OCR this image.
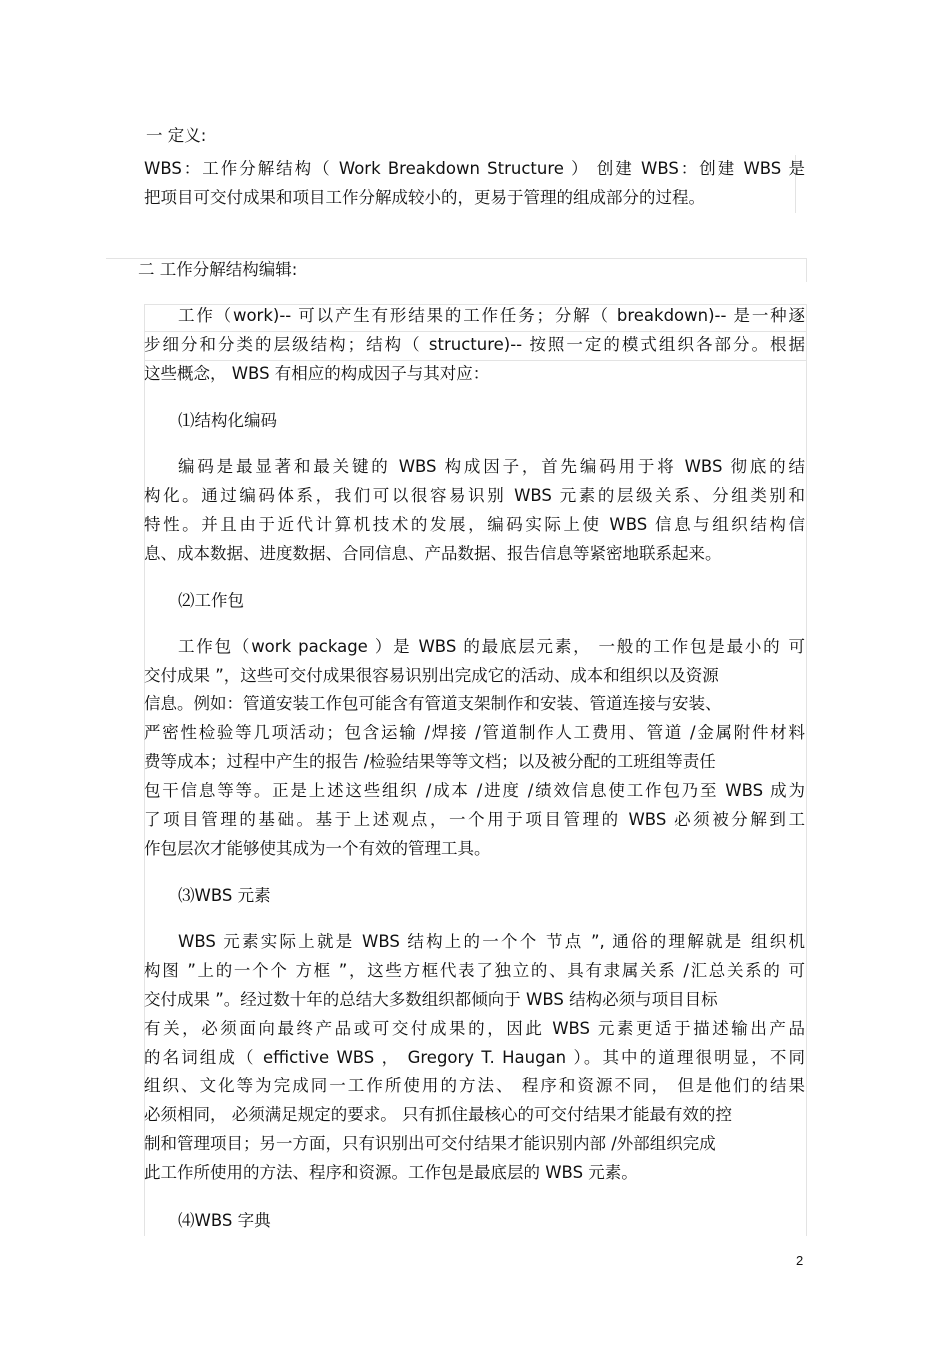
一 定义:
WBS：工作分解结构（ Work Breakdown Structure ） 创建 WBS：创建 WBS 是
把项目可交付成果和项目工作分解成较小的，更易于管理的组成部分的过程。
二 工作分解结构编辑:
工作（work)-- 可以产生有形结果的工作任务；分解（ breakdown)-- 是一种逐
步细分和分类的层级结构；结构（ structure)-- 按照一定的模式组织各部分。根据
这些概念， WBS 有相应的构成因子与其对应：
⑴结构化编码
编码是最显著和最关键的 WBS 构成因子，首先编码用于将 WBS 彻底的结
构化。通过编码体系，我们可以很容易识别 WBS 元素的层级关系、分组类别和
特性。并且由于近代计算机技术的发展，编码实际上使 WBS 信息与组织结构信
息、成本数据、进度数据、合同信息、产品数据、报告信息等紧密地联系起来。
⑵工作包
工作包（work package ）是 WBS 的最底层元素， 一般的工作包是最小的 可
交付成果 ”，这些可交付成果很容易识别出完成它的活动、成本和组织以及资源
信息。例如：管道安装工作包可能含有管道支架制作和安装、管道连接与安装、
严密性检验等几项活动；包含运输 /焊接 /管道制作人工费用、管道 /金属附件材料
费等成本；过程中产生的报告 /检验结果等等文档；以及被分配的工班组等责任
包干信息等等。正是上述这些组织 /成本 /进度 /绩效信息使工作包乃至 WBS 成为
了项目管理的基础。基于上述观点，一个用于项目管理的 WBS 必须被分解到工
作包层次才能够使其成为一个有效的管理工具。
⑶WBS 元素
WBS 元素实际上就是 WBS 结构上的一个个 节点 ”, 通俗的理解就是 组织机
构图 ”上的一个个 方框 ”，这些方框代表了独立的、具有隶属关系 /汇总关系的 可
交付成果 ”。经过数十年的总结大多数组织都倾向于 WBS 结构必须与项目目标
有关，必须面向最终产品或可交付成果的，因此 WBS 元素更适于描述输出产品
的名词组成（ effictive WBS ， Gregory T. Haugan ）。其中的道理很明显，不同
组织、文化等为完成同一工作所使用的方法、 程序和资源不同， 但是他们的结果
必须相同， 必须满足规定的要求。 只有抓住最核心的可交付结果才能最有效的控
制和管理项目；另一方面，只有识别出可交付结果才能识别内部 /外部组织完成
此工作所使用的方法、程序和资源。工作包是最底层的 WBS 元素。
⑷WBS 字典
2
